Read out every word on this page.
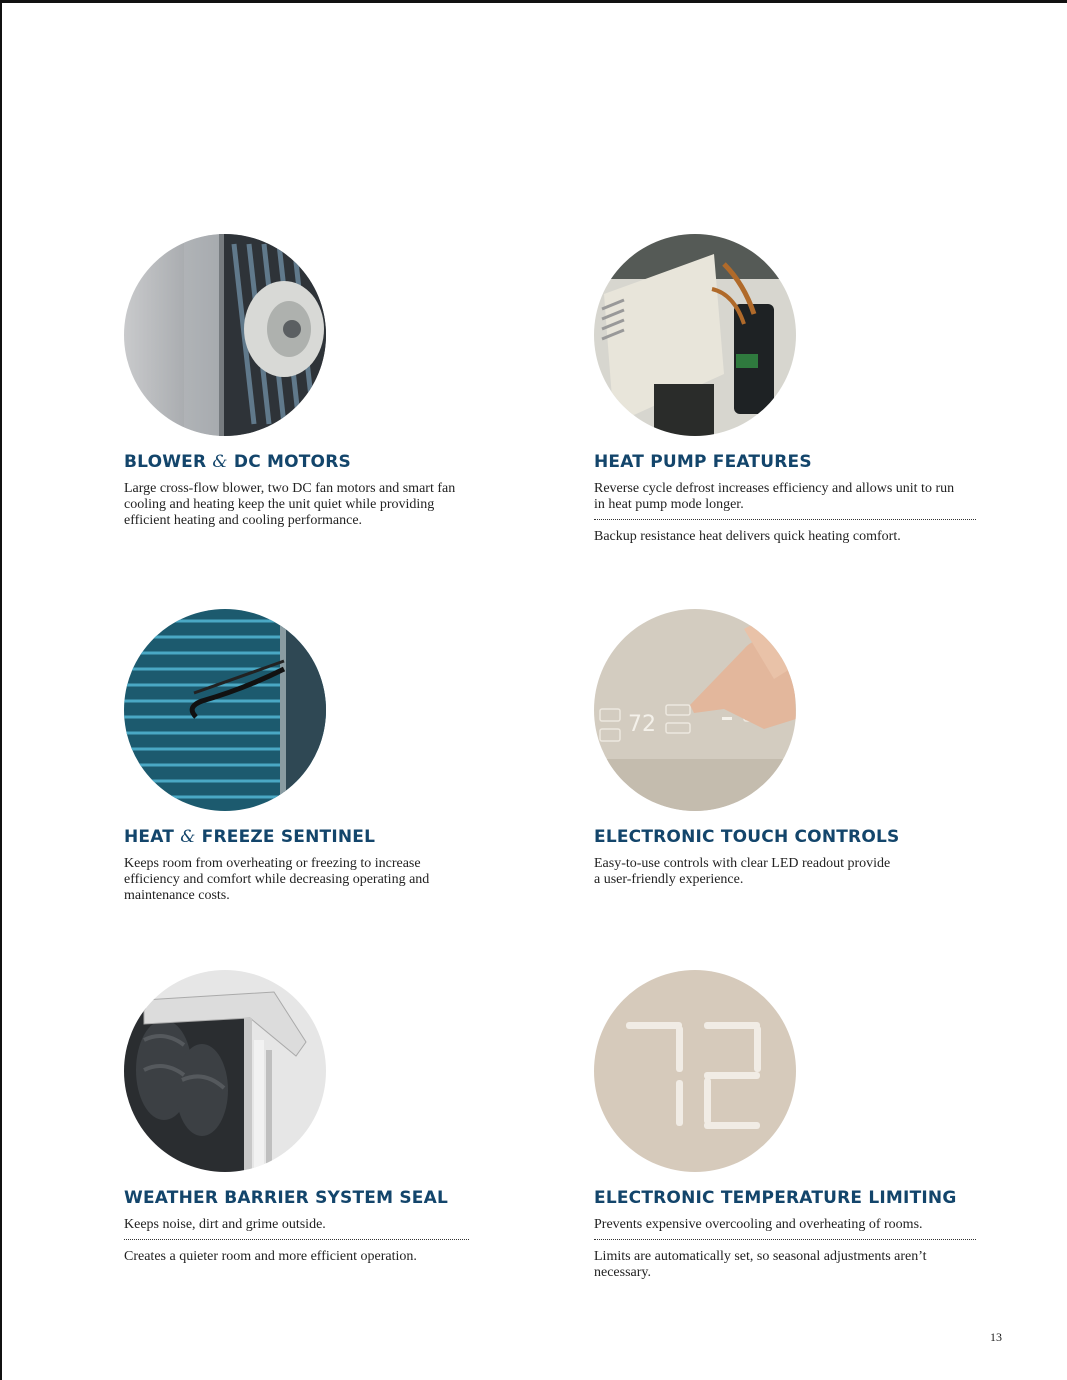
BLOWER & DC MOTORS

Large cross-flow blower, two DC fan motors and smart fan cooling and heating keep the unit quiet while providing efficient heating and cooling performance.

HEAT PUMP FEATURES

Reverse cycle defrost increases efficiency and allows unit to run in heat pump mode longer.

Backup resistance heat delivers quick heating comfort.

HEAT & FREEZE SENTINEL

Keeps room from overheating or freezing to increase efficiency and comfort while decreasing operating and maintenance costs.

72
ELECTRONIC TOUCH CONTROLS

Easy-to-use controls with clear LED readout provide a user-friendly experience.

WEATHER BARRIER SYSTEM SEAL

Keeps noise, dirt and grime outside.

Creates a quieter room and more efficient operation.

72
ELECTRONIC TEMPERATURE LIMITING

Prevents expensive overcooling and overheating of rooms.

Limits are automatically set, so seasonal adjustments aren’t necessary.

13
